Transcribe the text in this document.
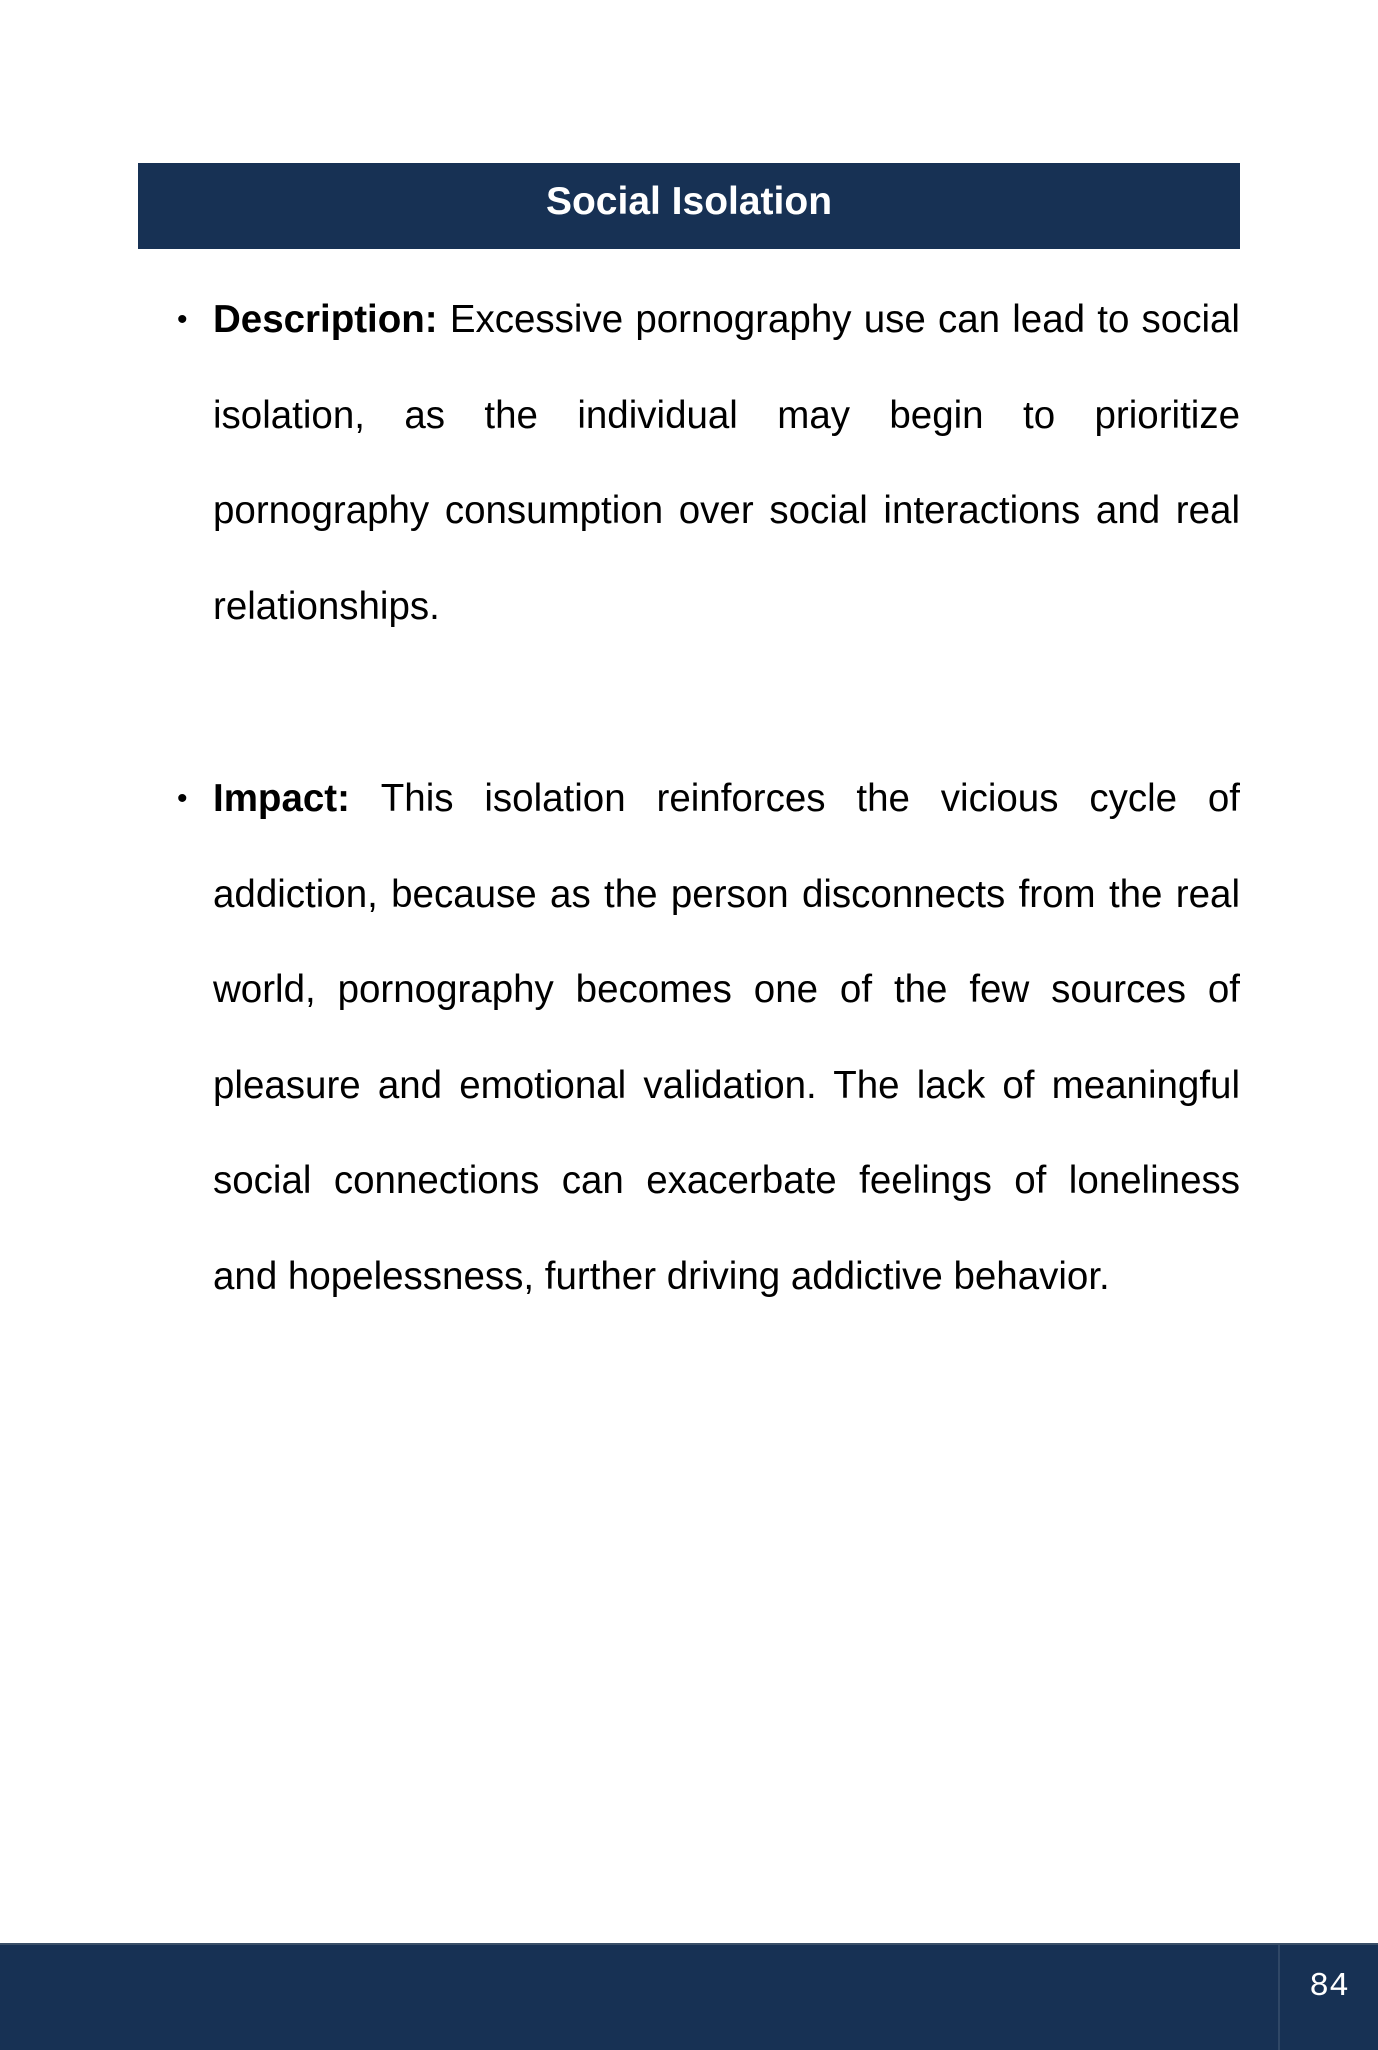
Social Isolation
• Description: Excessive pornography use can lead to social isolation, as the individual may begin to prioritize pornography consumption over social interactions and real relationships.
• Impact: This isolation reinforces the vicious cycle of addiction, because as the person disconnects from the real world, pornography becomes one of the few sources of pleasure and emotional validation. The lack of meaningful social connections can exacerbate feelings of loneliness and hopelessness, further driving addictive behavior.
84
